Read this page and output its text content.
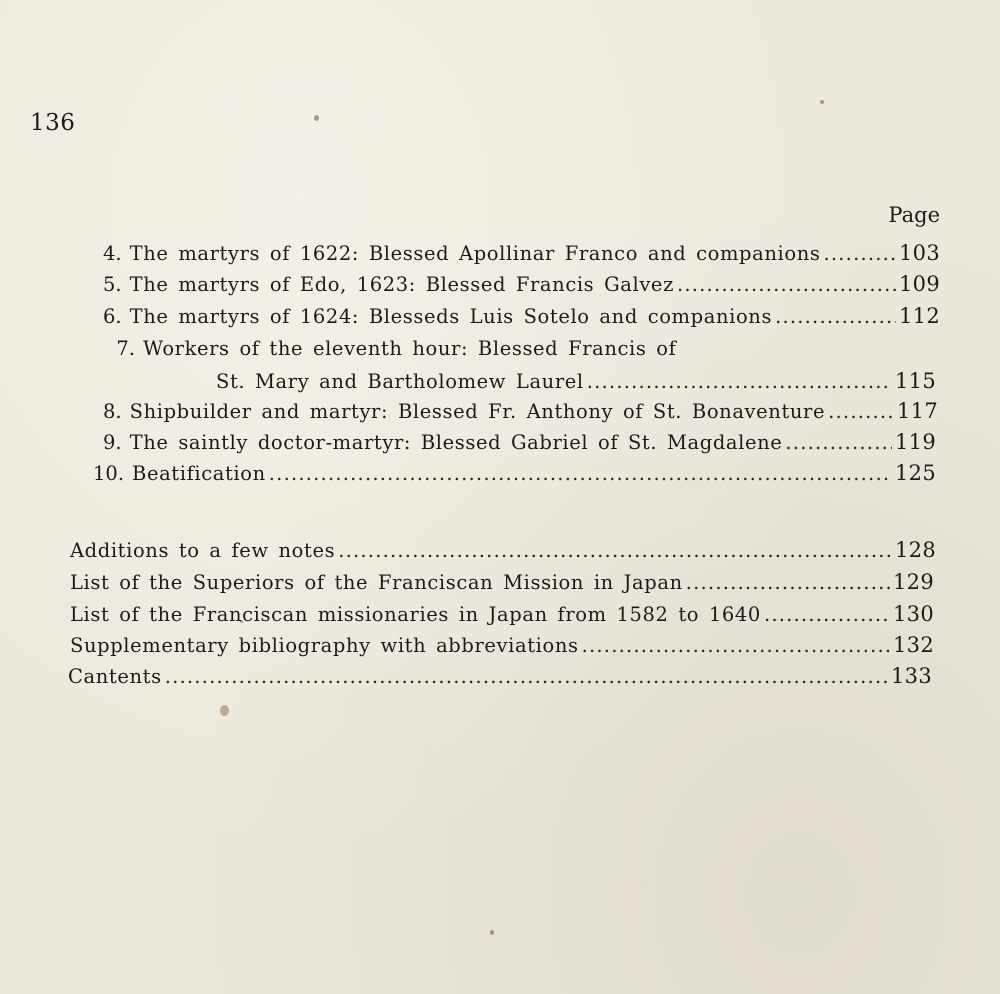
136
Page
4. The martyrs of 1622: Blessed Apollinar Franco and companions .....	103
5. The martyrs of Edo, 1623: Blessed Francis Galvez .....	109
6. The martyrs of 1624: Blesseds Luis Sotelo and companions .....	112
7. Workers of the eleventh hour: Blessed Francis of
St. Mary and Bartholomew Laurel .....	115
8. Shipbuilder and martyr: Blessed Fr. Anthony of St. Bonaventure .....	117
9. The saintly doctor-martyr: Blessed Gabriel of St. Magdalene .....	119
10. Beatification .....	125
Additions to a few notes .....	128
List of the Superiors of the Franciscan Mission in Japan .....	129
List of the Franciscan missionaries in Japan from 1582 to 1640 .....	130
Supplementary bibliography with abbreviations .....	132
Cantents .....	133
